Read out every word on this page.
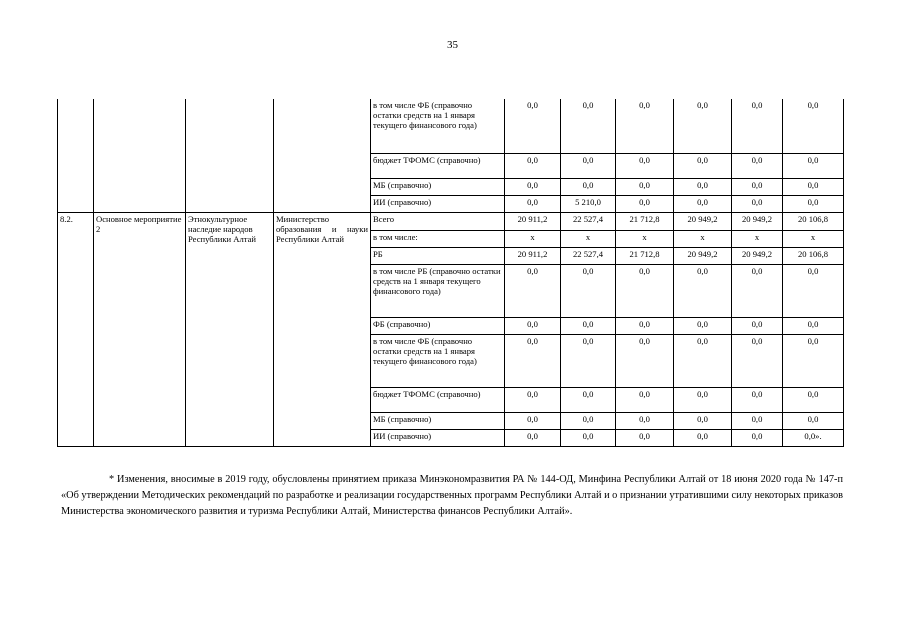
35
				в том числе ФБ (справочно остатки средств на 1 января текущего финансового года)	0,0	0,0	0,0	0,0	0,0	0,0
				бюджет ТФОМС (справочно)	0,0	0,0	0,0	0,0	0,0	0,0
				МБ (справочно)	0,0	0,0	0,0	0,0	0,0	0,0
				ИИ (справочно)	0,0	5 210,0	0,0	0,0	0,0	0,0
8.2.	Основное мероприятие 2	Этнокультурное наследие народов Республики Алтай	Министерство образования и науки Республики Алтай	Всего	20 911,2	22 527,4	21 712,8	20 949,2	20 949,2	20 106,8
				в том числе:	х	х	х	х	х	х
				РБ	20 911,2	22 527,4	21 712,8	20 949,2	20 949,2	20 106,8
				в том числе РБ (справочно остатки средств на 1 января текущего финансового года)	0,0	0,0	0,0	0,0	0,0	0,0
				ФБ (справочно)	0,0	0,0	0,0	0,0	0,0	0,0
				в том числе ФБ (справочно остатки средств на 1 января текущего финансового года)	0,0	0,0	0,0	0,0	0,0	0,0
				бюджет ТФОМС (справочно)	0,0	0,0	0,0	0,0	0,0	0,0
				МБ (справочно)	0,0	0,0	0,0	0,0	0,0	0,0
				ИИ (справочно)	0,0	0,0	0,0	0,0	0,0	0,0».

* Изменения, вносимые в 2019 году, обусловлены принятием приказа Минэкономразвития РА № 144-ОД, Минфина Республики Алтай от 18 июня 2020 года № 147-п «Об утверждении Методических рекомендаций по разработке и реализации государственных программ Республики Алтай и о признании утратившими силу некоторых приказов Министерства экономического развития и туризма Республики Алтай, Министерства финансов Республики Алтай».
